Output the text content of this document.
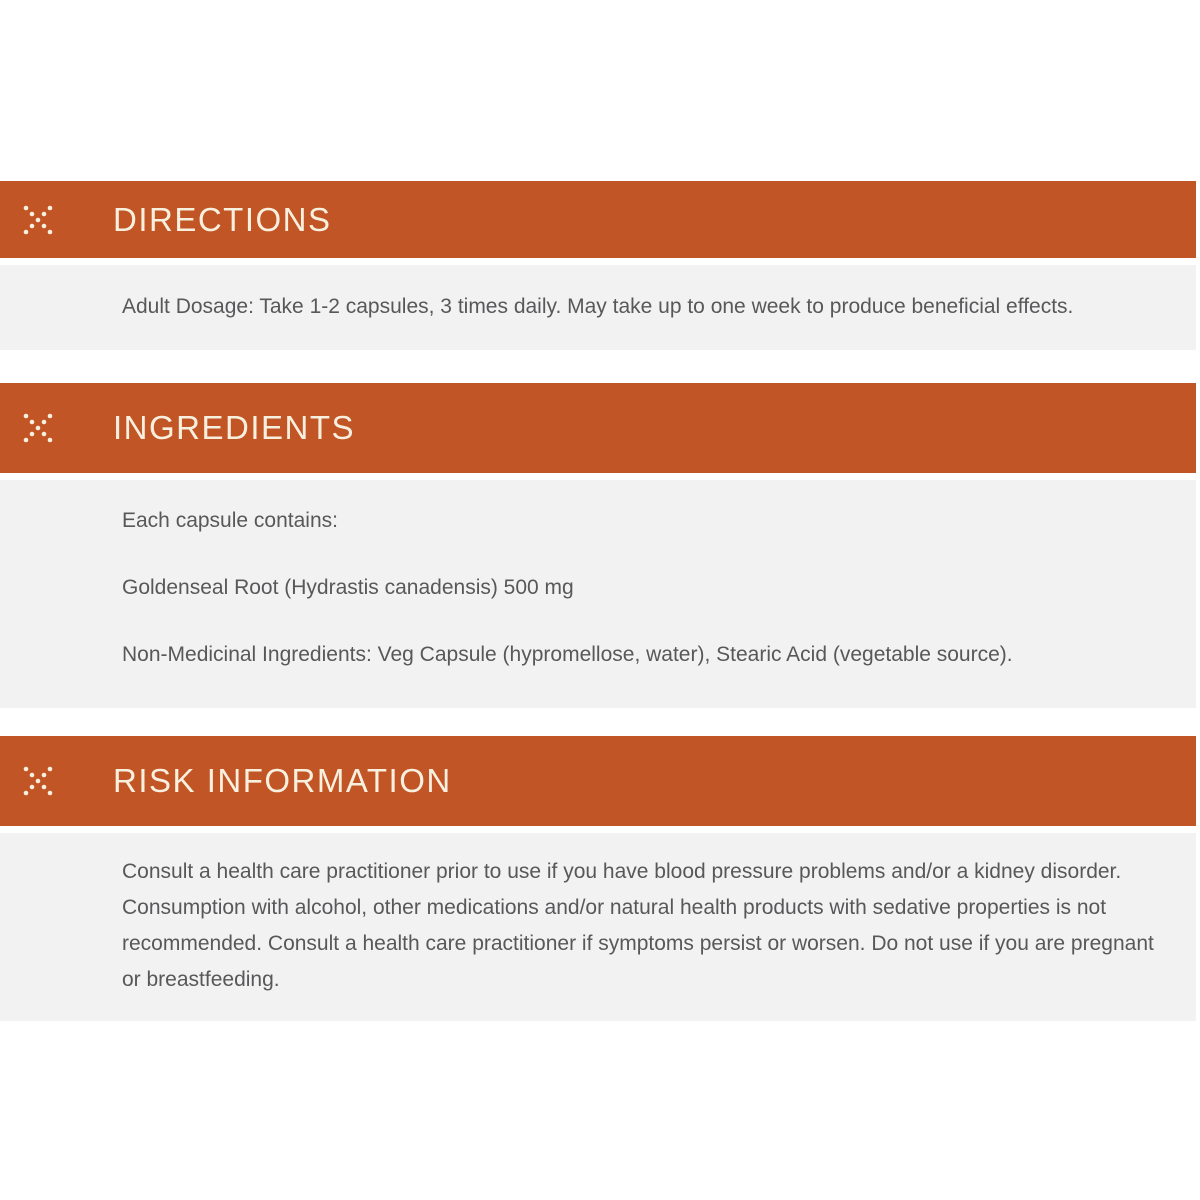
DIRECTIONS

Adult Dosage: Take 1-2 capsules, 3 times daily. May take up to one week to produce beneficial effects.

INGREDIENTS

Each capsule contains:

Goldenseal Root (Hydrastis canadensis) 500 mg

Non-Medicinal Ingredients: Veg Capsule (hypromellose, water), Stearic Acid (vegetable source).

RISK INFORMATION

Consult a health care practitioner prior to use if you have blood pressure problems and/or a kidney disorder. Consumption with alcohol, other medications and/or natural health products with sedative properties is not recommended. Consult a health care practitioner if symptoms persist or worsen. Do not use if you are pregnant or breastfeeding.
